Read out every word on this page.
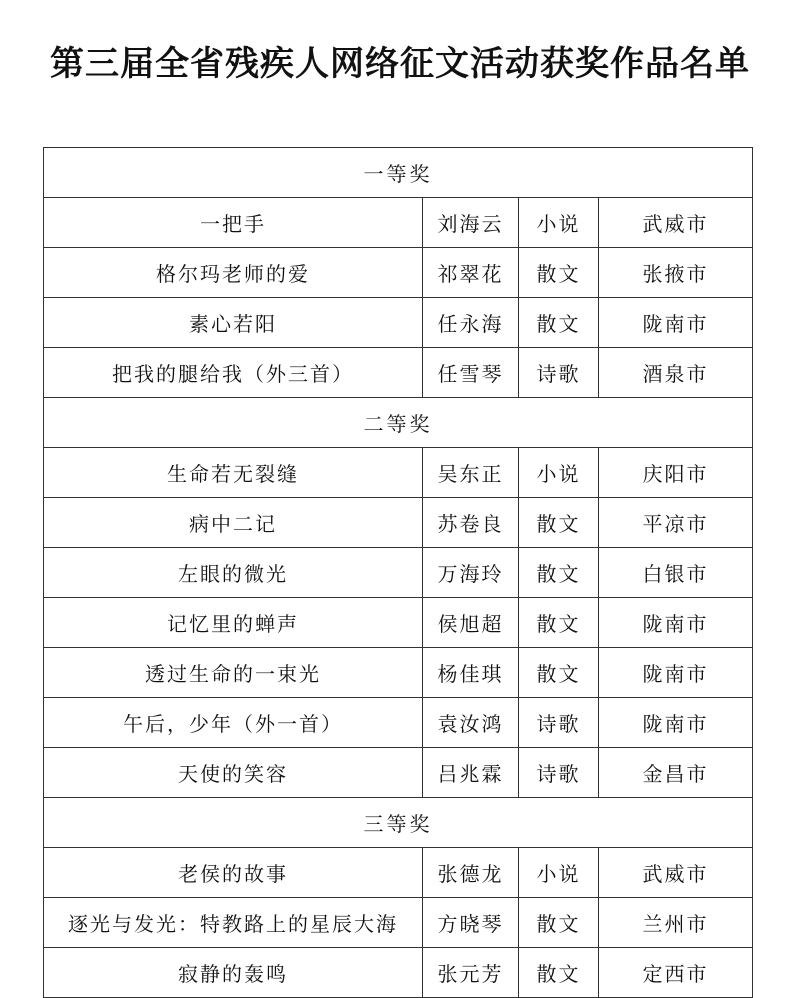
第三届全省残疾人网络征文活动获奖作品名单
一等奖			
一把手	刘海云	小说	武威市
格尔玛老师的爱	祁翠花	散文	张掖市
素心若阳	任永海	散文	陇南市
把我的腿给我（外三首）	任雪琴	诗歌	酒泉市
二等奖			
生命若无裂缝	吴东正	小说	庆阳市
病中二记	苏卷良	散文	平凉市
左眼的微光	万海玲	散文	白银市
记忆里的蝉声	侯旭超	散文	陇南市
透过生命的一束光	杨佳琪	散文	陇南市
午后，少年（外一首）	袁汝鸿	诗歌	陇南市
天使的笑容	吕兆霖	诗歌	金昌市
三等奖			
老侯的故事	张德龙	小说	武威市
逐光与发光：特教路上的星辰大海	方晓琴	散文	兰州市
寂静的轰鸣	张元芳	散文	定西市
